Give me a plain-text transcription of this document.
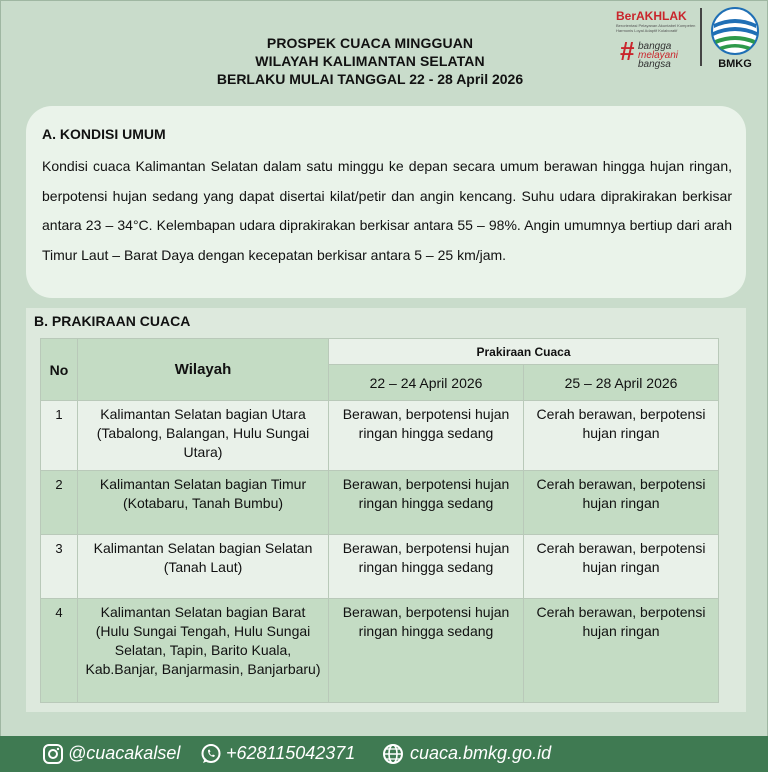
BerAKHLAK
Berorientasi Pelayanan Akuntabel Kompeten Harmonis Loyal Adaptif Kolaboratif
# bangga
melayani
bangsa	BMKG
PROSPEK CUACA MINGGUAN
WILAYAH KALIMANTAN SELATAN
BERLAKU MULAI TANGGAL 22 - 28 April 2026
A. KONDISI UMUM

Kondisi cuaca Kalimantan Selatan dalam satu minggu ke depan secara umum berawan hingga hujan ringan, berpotensi hujan sedang yang dapat disertai kilat/petir dan angin kencang. Suhu udara diprakirakan berkisar antara 23 – 34°C. Kelembapan udara diprakirakan berkisar antara 55 – 98%. Angin umumnya bertiup dari arah Timur Laut – Barat Daya dengan kecepatan berkisar antara 5 – 25 km/jam.

B. PRAKIRAAN CUACA
No	Wilayah	Prakiraan Cuaca	
		22 – 24 April 2026	25 – 28 April 2026
1	Kalimantan Selatan bagian Utara (Tabalong, Balangan, Hulu Sungai Utara)	Berawan, berpotensi hujan ringan hingga sedang	Cerah berawan, berpotensi hujan ringan
2	Kalimantan Selatan bagian Timur (Kotabaru, Tanah Bumbu)	Berawan, berpotensi hujan ringan hingga sedang	Cerah berawan, berpotensi hujan ringan
3	Kalimantan Selatan bagian Selatan (Tanah Laut)	Berawan, berpotensi hujan ringan hingga sedang	Cerah berawan, berpotensi hujan ringan
4	Kalimantan Selatan bagian Barat (Hulu Sungai Tengah, Hulu Sungai Selatan, Tapin, Barito Kuala, Kab.Banjar, Banjarmasin, Banjarbaru)	Berawan, berpotensi hujan ringan hingga sedang	Cerah berawan, berpotensi hujan ringan
@cuacakalsel	+628115042371	cuaca.bmkg.go.id
